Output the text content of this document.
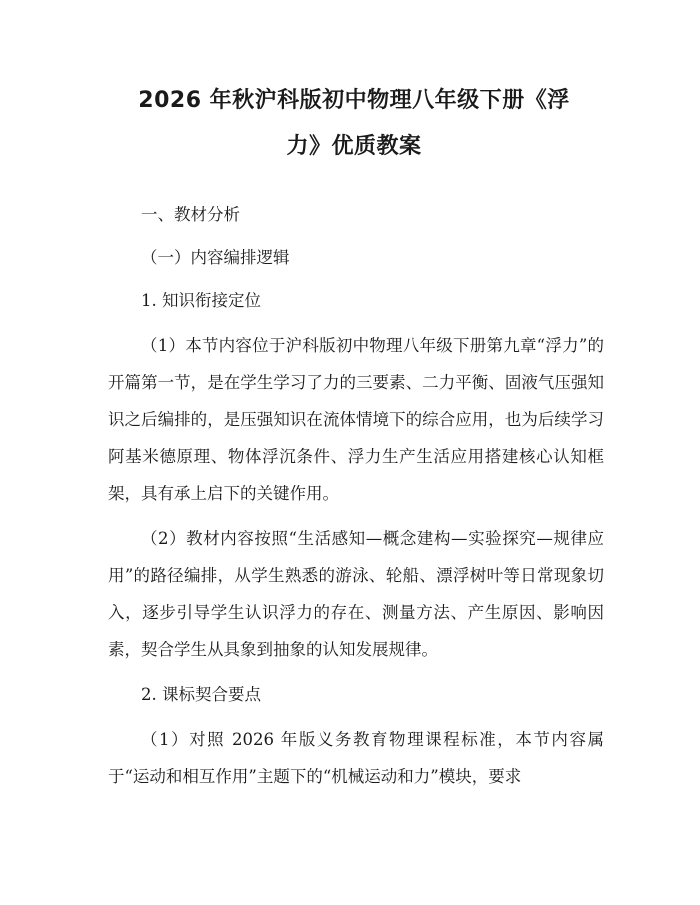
2026 年秋沪科版初中物理八年级下册《浮
力》优质教案

一、教材分析

（一）内容编排逻辑

1. 知识衔接定位

（1）本节内容位于沪科版初中物理八年级下册第九章“浮力”的开篇第一节，是在学生学习了力的三要素、二力平衡、固液气压强知识之后编排的，是压强知识在流体情境下的综合应用，也为后续学习阿基米德原理、物体浮沉条件、浮力生产生活应用搭建核心认知框架，具有承上启下的关键作用。

（2）教材内容按照“生活感知—概念建构—实验探究—规律应用”的路径编排，从学生熟悉的游泳、轮船、漂浮树叶等日常现象切入，逐步引导学生认识浮力的存在、测量方法、产生原因、影响因素，契合学生从具象到抽象的认知发展规律。

2. 课标契合要点

（1）对照 2026 年版义务教育物理课程标准，本节内容属于“运动和相互作用”主题下的“机械运动和力”模块，要求
